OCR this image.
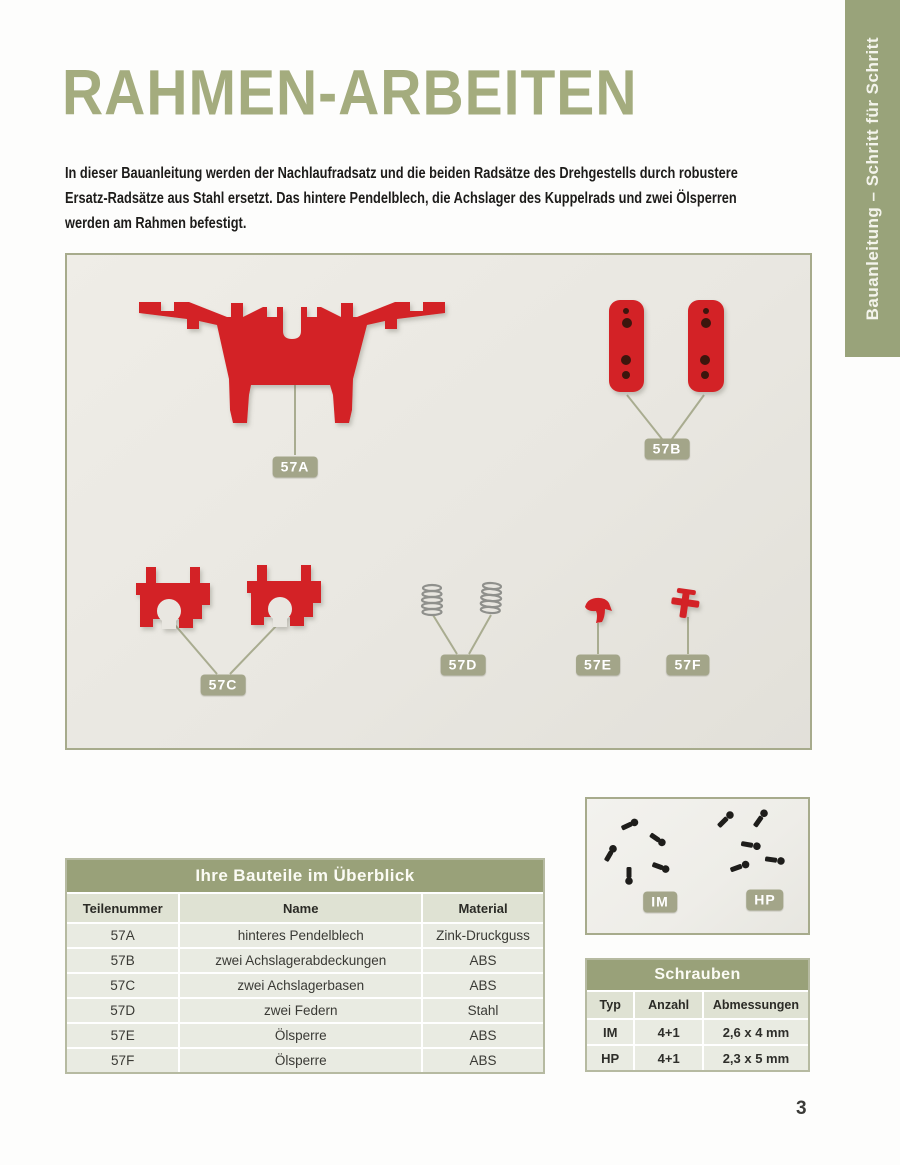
Bauanleitung – Schritt für Schritt
RAHMEN-ARBEITEN
In dieser Bauanleitung werden der Nachlaufradsatz und die beiden Radsätze des Drehgestells durch robustere
Ersatz-Radsätze aus Stahl ersetzt. Das hintere Pendelblech, die Achslager des Kuppelrads und zwei Ölsperren
werden am Rahmen befestigt.
57A
57B
57C
57D	57E	57F
IM	HP
Ihre Bauteile im Überblick
Teilenummer	Name	Material
57A	hinteres Pendelblech	Zink-Druckguss
57B	zwei Achslagerabdeckungen	ABS
57C	zwei Achslagerbasen	ABS
57D	zwei Federn	Stahl
57E	Ölsperre	ABS
57F	Ölsperre	ABS
Schrauben
Typ	Anzahl	Abmessungen
IM	4+1	2,6 x 4 mm
HP	4+1	2,3 x 5 mm
3
